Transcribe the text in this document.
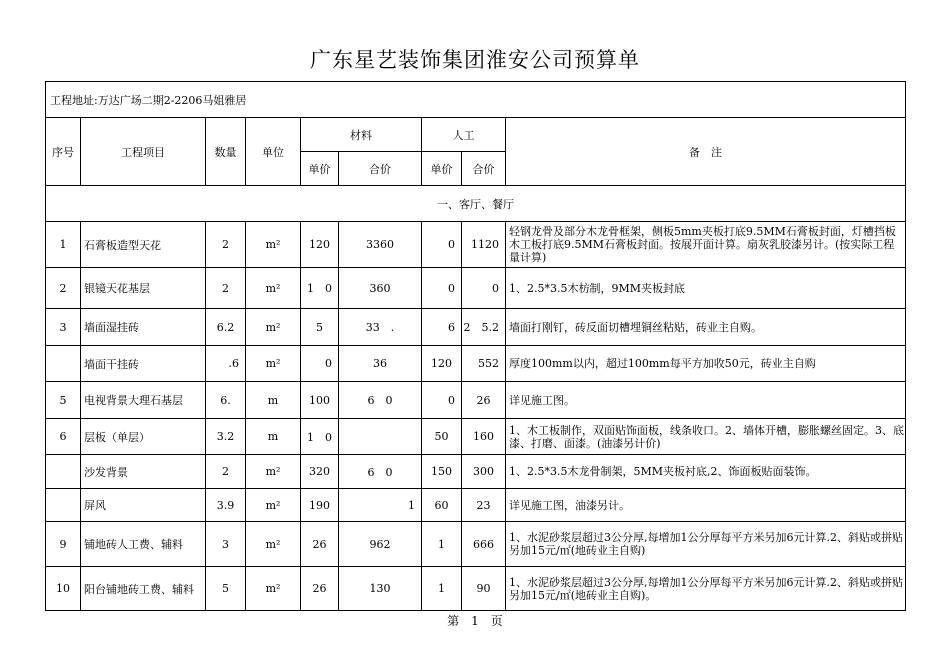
广东星艺装饰集团淮安公司预算单
工程地址:万达广场二期2-2206马姐雅居								
序号	工程项目	数量	单位	材料		人工		备　注
				单价	合价	单价	合价	
一、客厅、餐厅								
1	石膏板造型天花	2	m²	120	3360	0	1120	轻钢龙骨及部分木龙骨框架，侧板5mm夹板打底9.5MM石膏板封面，灯槽挡板木工板打底9.5MM石膏板封面。按展开面计算。扇灰乳胶漆另计。(按实际工程量计算)
2	银镜天花基层	2	m²	1　0	360	0	0	1、2.5*3.5木枋制，9MM夹板封底
3	墙面湿挂砖	6.2	m²	5	33　.	6	2　5.2	墙面打刚钉，砖反面切槽埋铜丝粘贴，砖业主自购。
	墙面干挂砖	.6	m²	0	36	120	552	厚度100mm以内，超过100mm每平方加收50元，砖业主自购
5	电视背景大理石基层	6.	m	100	6　0	0	26	详见施工图。
6	层板（单层）	3.2	m	1　0		50	160	1、木工板制作，双面贴饰面板，线条收口。2、墙体开槽，膨胀螺丝固定。3、底漆、打磨、面漆。(油漆另计价)
	沙发背景	2	m²	320	6　0	150	300	1、2.5*3.5木龙骨制架，5MM夹板衬底,2、饰面板贴面装饰。
	屏风	3.9	m²	190	1	60	23	详见施工图，油漆另计。
9	铺地砖人工费、辅料	3	m²	26	962	1	666	1、水泥砂浆层超过3公分厚,每增加1公分厚每平方米另加6元计算.2、斜贴或拼贴另加15元/㎡(地砖业主自购)
10	阳台铺地砖工费、辅料	5	m²	26	130	1	90	1、水泥砂浆层超过3公分厚,每增加1公分厚每平方米另加6元计算.2、斜贴或拼贴另加15元/㎡(地砖业主自购)。
第　1　页
